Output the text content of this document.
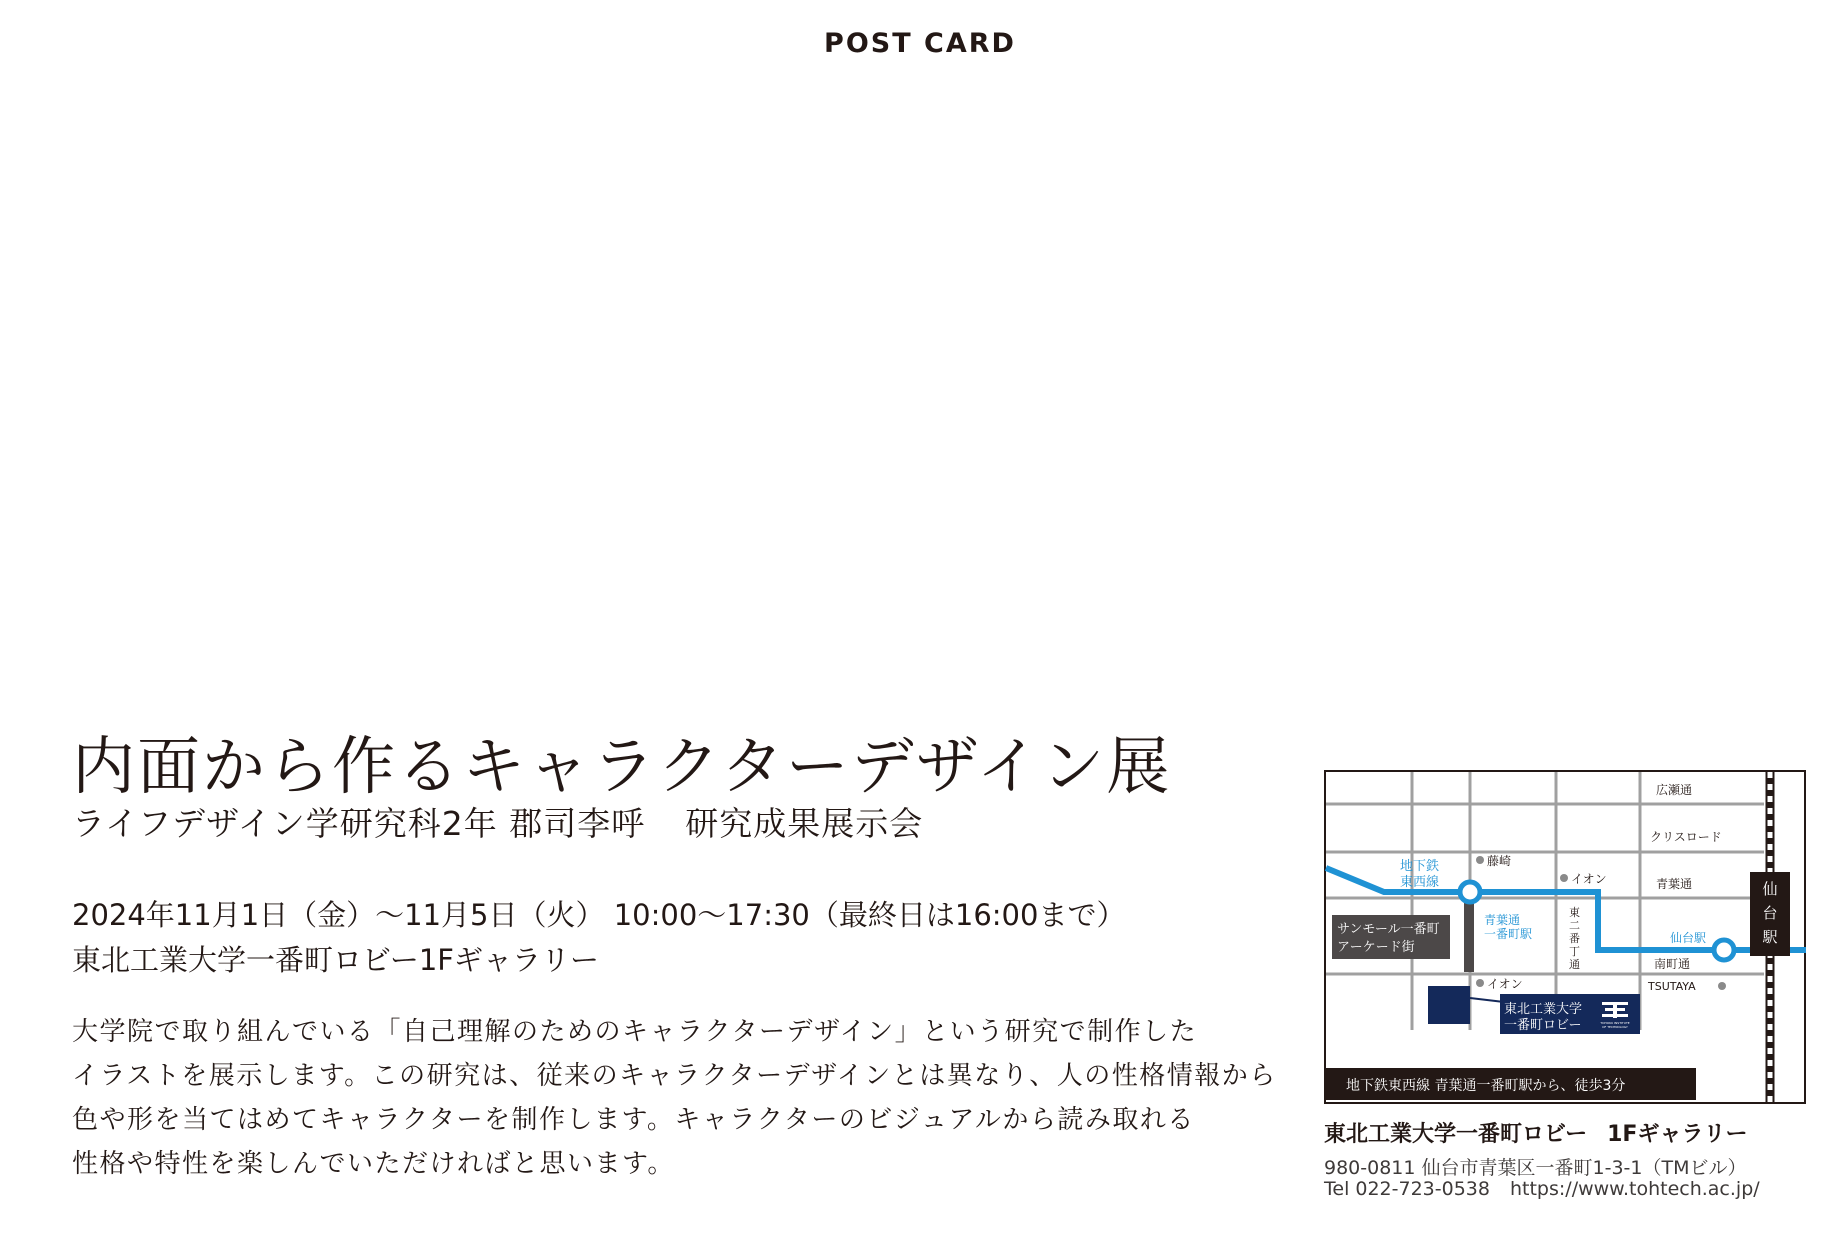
POST CARD
内面から作るキャラクターデザイン展
ライフデザイン学研究科2年 郡司李呼 研究成果展示会
2024年11月1日（金）〜11月5日（火） 10:00〜17:30（最終日は16:00まで）
東北工業大学一番町ロビー1Fギャラリー
大学院で取り組んでいる「自己理解のためのキャラクターデザイン」という研究で制作した
イラストを展示します。この研究は、従来のキャラクターデザインとは異なり、人の性格情報から
色や形を当てはめてキャラクターを制作します。キャラクターのビジュアルから読み取れる
性格や特性を楽しんでいただければと思います。
東北工業大学
一番町ロビー	TOHOKU INSTITUTE
OF TECHNOLOGY
サンモール一番町
アーケード街
仙
台
駅
広瀬通
クリスロード
青葉通
南町通
TSUTAYA
地下鉄
東西線
青葉通
一番町駅	仙台駅
藤崎
イオン
イオン
東
二
番
丁
通
地下鉄東西線 青葉通一番町駅から、徒歩3分
東北工業大学一番町ロビー 1Fギャラリー
980-0811 仙台市青葉区一番町1-3-1（TMビル）
Tel 022-723-0538 https://www.tohtech.ac.jp/
